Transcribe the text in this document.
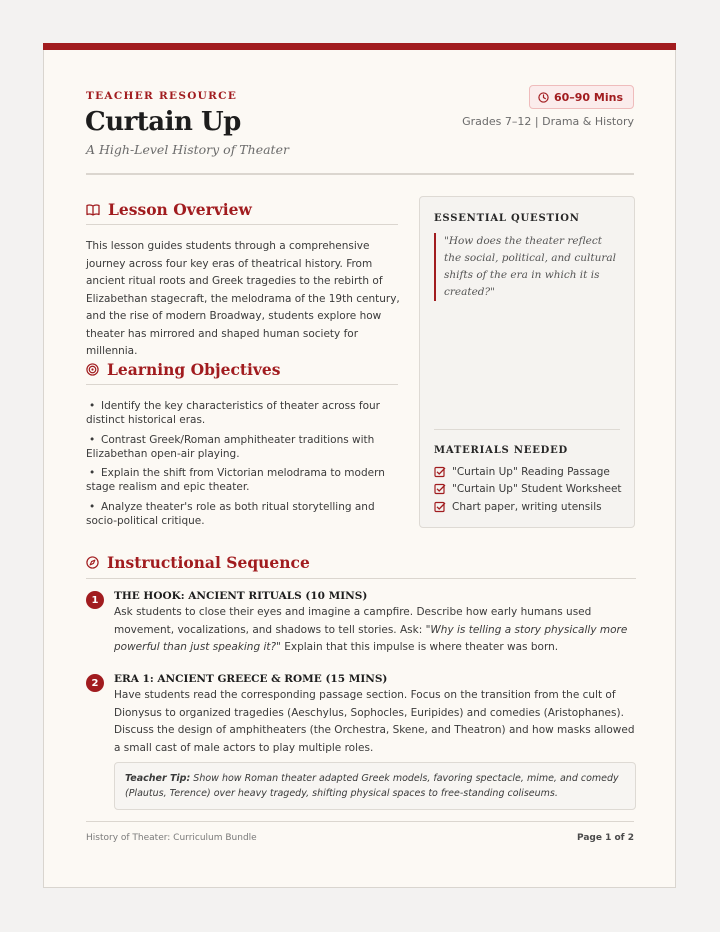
TEACHER RESOURCE
Curtain Up
A High-Level History of Theater
60–90 Mins
Grades 7–12 | Drama & History
Lesson Overview

This lesson guides students through a comprehensive journey across four key eras of theatrical history. From ancient ritual roots and Greek tragedies to the rebirth of Elizabethan stagecraft, the melodrama of the 19th century, and the rise of modern Broadway, students explore how theater has mirrored and shaped human society for millennia.

Learning Objectives
• Identify the key characteristics of theater across four distinct historical eras.
• Contrast Greek/Roman amphitheater traditions with Elizabethan open-air playing.
• Explain the shift from Victorian melodrama to modern stage realism and epic theater.
• Analyze theater's role as both ritual storytelling and socio-political critique.
ESSENTIAL QUESTION
"How does the theater reflect the social, political, and cultural shifts of the era in which it is created?"
MATERIALS NEEDED
"Curtain Up" Reading Passage
"Curtain Up" Student Worksheet
Chart paper, writing utensils
Instructional Sequence
1	THE HOOK: ANCIENT RITUALS (10 MINS)

Ask students to close their eyes and imagine a campfire. Describe how early humans used movement, vocalizations, and shadows to tell stories. Ask: "Why is telling a story physically more powerful than just speaking it?" Explain that this impulse is where theater was born.

2	ERA 1: ANCIENT GREECE & ROME (15 MINS)

Have students read the corresponding passage section. Focus on the transition from the cult of Dionysus to organized tragedies (Aeschylus, Sophocles, Euripides) and comedies (Aristophanes). Discuss the design of amphitheaters (the Orchestra, Skene, and Theatron) and how masks allowed a small cast of male actors to play multiple roles.

Teacher Tip: Show how Roman theater adapted Greek models, favoring spectacle, mime, and comedy (Plautus, Terence) over heavy tragedy, shifting physical spaces to free-standing coliseums.
History of Theater: Curriculum Bundle	Page 1 of 2
